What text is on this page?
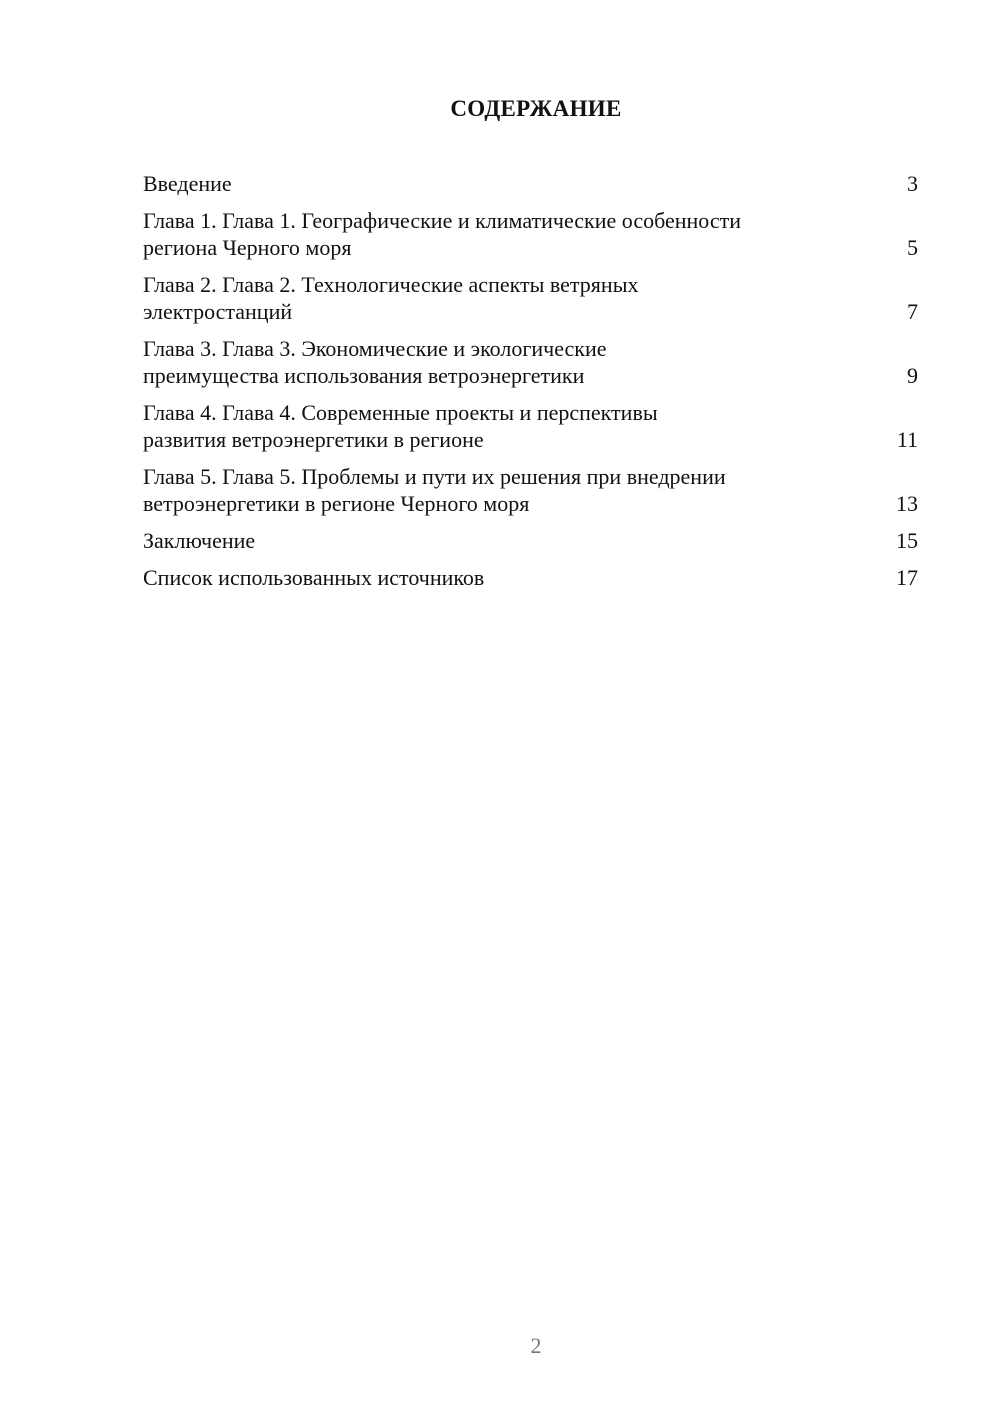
СОДЕРЖАНИЕ
Введение	3
Глава 1. Глава 1. Географические и климатические особенности
региона Черного моря	5
Глава 2. Глава 2. Технологические аспекты ветряных
электростанций	7
Глава 3. Глава 3. Экономические и экологические
преимущества использования ветроэнергетики	9
Глава 4. Глава 4. Современные проекты и перспективы
развития ветроэнергетики в регионе	11
Глава 5. Глава 5. Проблемы и пути их решения при внедрении
ветроэнергетики в регионе Черного моря	13
Заключение	15
Список использованных источников	17
2
